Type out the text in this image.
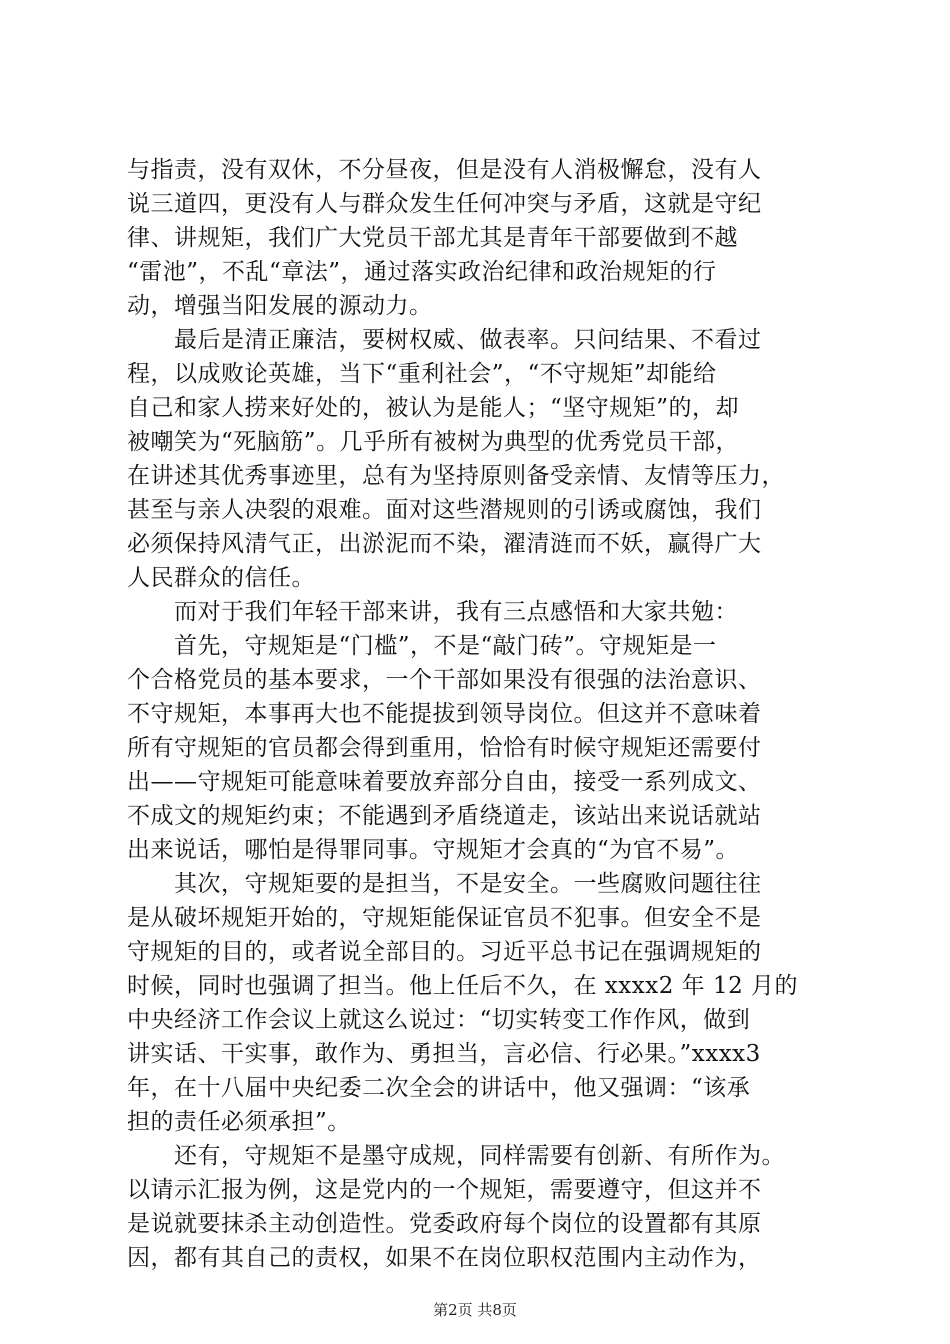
与指责，没有双休，不分昼夜，但是没有人消极懈怠，没有人
说三道四，更没有人与群众发生任何冲突与矛盾，这就是守纪
律、讲规矩，我们广大党员干部尤其是青年干部要做到不越
“雷池”，不乱“章法”，通过落实政治纪律和政治规矩的行
动，增强当阳发展的源动力。
　　最后是清正廉洁，要树权威、做表率。只问结果、不看过
程，以成败论英雄，当下“重利社会”，“不守规矩”却能给
自己和家人捞来好处的，被认为是能人；“坚守规矩”的，却
被嘲笑为“死脑筋”。几乎所有被树为典型的优秀党员干部，
在讲述其优秀事迹里，总有为坚持原则备受亲情、友情等压力，
甚至与亲人决裂的艰难。面对这些潜规则的引诱或腐蚀，我们
必须保持风清气正，出淤泥而不染，濯清涟而不妖，赢得广大
人民群众的信任。
　　而对于我们年轻干部来讲，我有三点感悟和大家共勉：
　　首先，守规矩是“门槛”，不是“敲门砖”。守规矩是一
个合格党员的基本要求，一个干部如果没有很强的法治意识、
不守规矩，本事再大也不能提拔到领导岗位。但这并不意味着
所有守规矩的官员都会得到重用，恰恰有时候守规矩还需要付
出——守规矩可能意味着要放弃部分自由，接受一系列成文、
不成文的规矩约束；不能遇到矛盾绕道走，该站出来说话就站
出来说话，哪怕是得罪同事。守规矩才会真的“为官不易”。
　　其次，守规矩要的是担当，不是安全。一些腐败问题往往
是从破坏规矩开始的，守规矩能保证官员不犯事。但安全不是
守规矩的目的，或者说全部目的。习近平总书记在强调规矩的
时候，同时也强调了担当。他上任后不久，在 xxxx2 年 12 月的
中央经济工作会议上就这么说过：“切实转变工作作风，做到
讲实话、干实事，敢作为、勇担当，言必信、行必果。”xxxx3
年，在十八届中央纪委二次全会的讲话中，他又强调：“该承
担的责任必须承担”。
　　还有，守规矩不是墨守成规，同样需要有创新、有所作为。
以请示汇报为例，这是党内的一个规矩，需要遵守，但这并不
是说就要抹杀主动创造性。党委政府每个岗位的设置都有其原
因，都有其自己的责权，如果不在岗位职权范围内主动作为，
第2页 共8页
